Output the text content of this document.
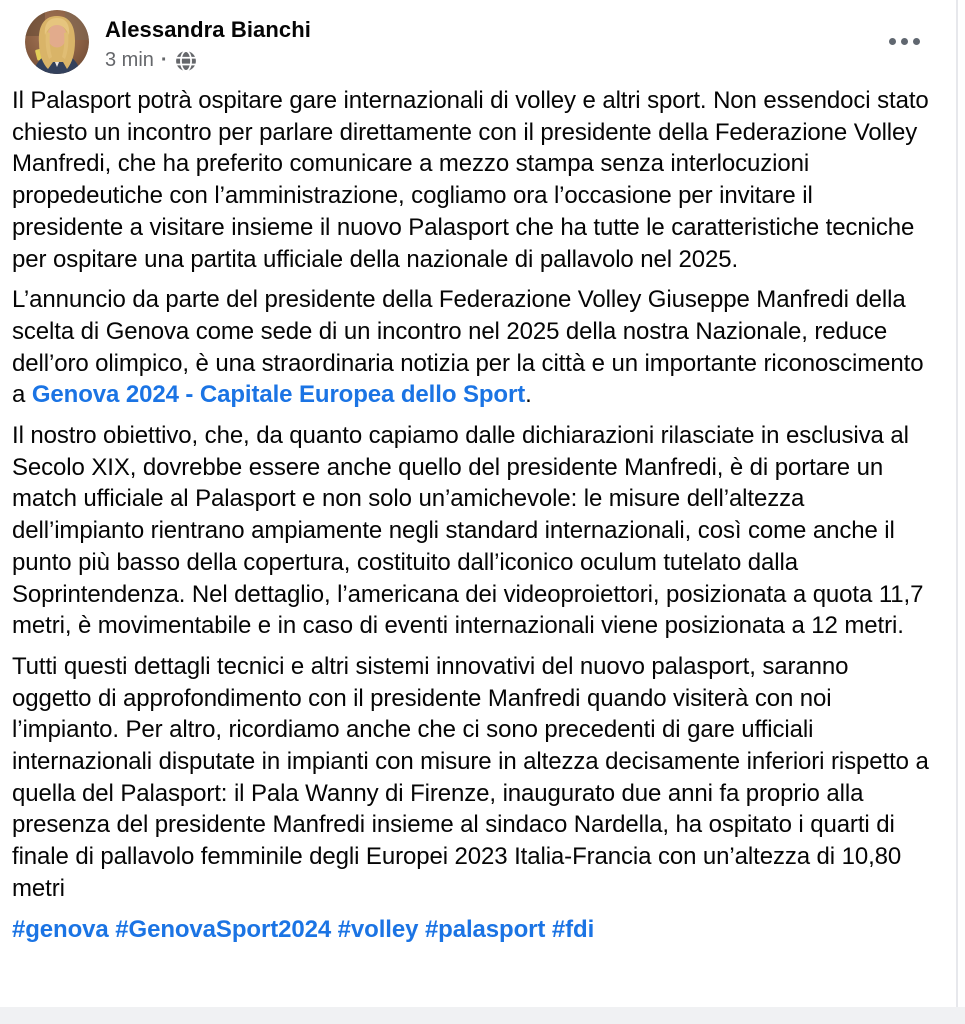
Alessandra Bianchi
3 min ·

Il Palasport potrà ospitare gare internazionali di volley e altri sport. Non essendoci stato chiesto un incontro per parlare direttamente con il presidente della Federazione Volley Manfredi, che ha preferito comunicare a mezzo stampa senza interlocuzioni propedeutiche con l’amministrazione, cogliamo ora l’occasione per invitare il presidente a visitare insieme il nuovo Palasport che ha tutte le caratteristiche tecniche per ospitare una partita ufficiale della nazionale di pallavolo nel 2025.

L’annuncio da parte del presidente della Federazione Volley Giuseppe Manfredi della scelta di Genova come sede di un incontro nel 2025 della nostra Nazionale, reduce dell’oro olimpico, è una straordinaria notizia per la città e un importante riconoscimento a Genova 2024 - Capitale Europea dello Sport.

Il nostro obiettivo, che, da quanto capiamo dalle dichiarazioni rilasciate in esclusiva al Secolo XIX, dovrebbe essere anche quello del presidente Manfredi, è di portare un match ufficiale al Palasport e non solo un’amichevole: le misure dell’altezza dell’impianto rientrano ampiamente negli standard internazionali, così come anche il punto più basso della copertura, costituito dall’iconico oculum tutelato dalla Soprintendenza. Nel dettaglio, l’americana dei videoproiettori, posizionata a quota 11,7 metri, è movimentabile e in caso di eventi internazionali viene posizionata a 12 metri.

Tutti questi dettagli tecnici e altri sistemi innovativi del nuovo palasport, saranno oggetto di approfondimento con il presidente Manfredi quando visiterà con noi l’impianto. Per altro, ricordiamo anche che ci sono precedenti di gare ufficiali internazionali disputate in impianti con misure in altezza decisamente inferiori rispetto a quella del Palasport: il Pala Wanny di Firenze, inaugurato due anni fa proprio alla presenza del presidente Manfredi insieme al sindaco Nardella, ha ospitato i quarti di finale di pallavolo femminile degli Europei 2023 Italia-Francia con un’altezza di 10,80 metri

#genova #GenovaSport2024 #volley #palasport #fdi
